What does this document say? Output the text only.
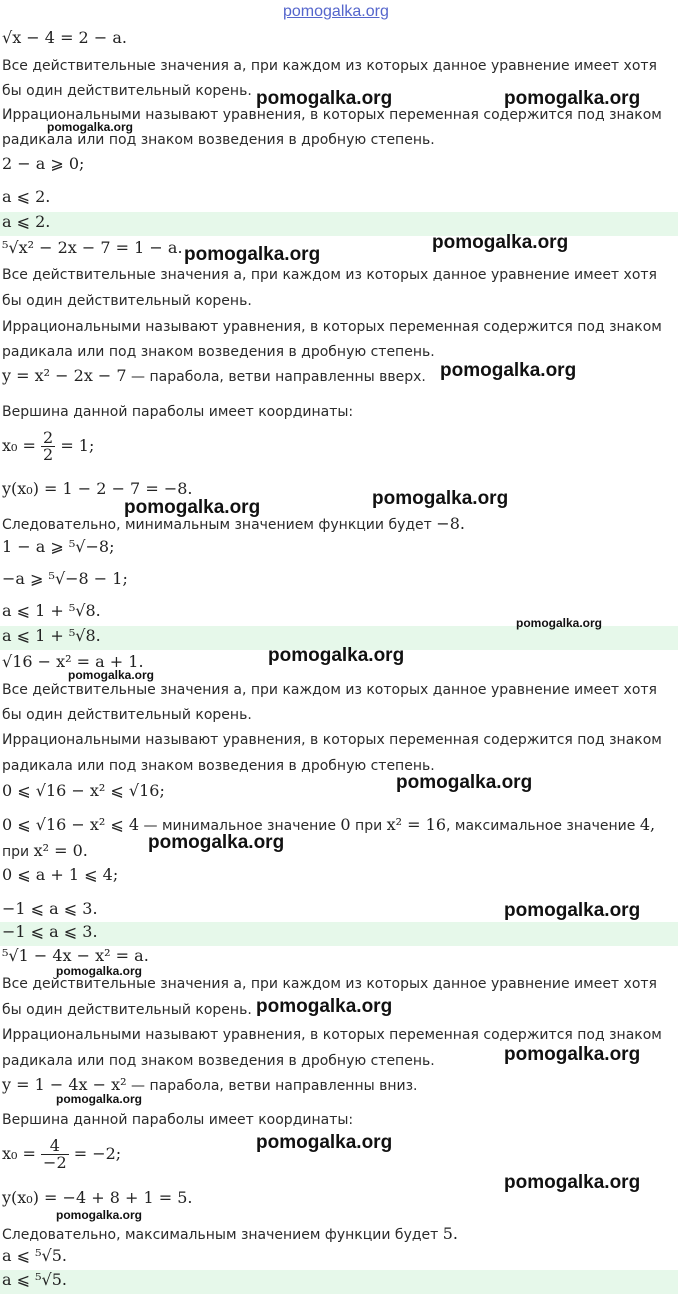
√x − 4 = 2 − a.
Все действительные значения a, при каждом из которых данное уравнение имеет хотя
бы один действительный корень.
Иррациональными называют уравнения, в которых переменная содержится под знаком
радикала или под знаком возведения в дробную степень.
2 − a ⩾ 0;
a ⩽ 2.
a ⩽ 2.
⁵√x² − 2x − 7 = 1 − a.
Все действительные значения a, при каждом из которых данное уравнение имеет хотя
бы один действительный корень.
Иррациональными называют уравнения, в которых переменная содержится под знаком
радикала или под знаком возведения в дробную степень.
y = x² − 2x − 7 — парабола, ветви направленны вверх.
Вершина данной параболы имеет координаты:
$x_0 = \frac{2}{2} = 1$;
y(x₀) = 1 − 2 − 7 = −8.
Следовательно, минимальным значением функции будет −8.
1 − a ⩾ ⁵√−8;
−a ⩾ ⁵√−8 − 1;
a ⩽ 1 + ⁵√8.
a ⩽ 1 + ⁵√8.
√16 − x² = a + 1.
Все действительные значения a, при каждом из которых данное уравнение имеет хотя
бы один действительный корень.
Иррациональными называют уравнения, в которых переменная содержится под знаком
радикала или под знаком возведения в дробную степень.
0 ⩽ √16 − x² ⩽ √16;
0 ⩽ √16 − x² ⩽ 4 — минимальное значение 0 при x² = 16, максимальное значение 4,
при x² = 0.
0 ⩽ a + 1 ⩽ 4;
−1 ⩽ a ⩽ 3.
−1 ⩽ a ⩽ 3.
⁵√1 − 4x − x² = a.
Все действительные значения a, при каждом из которых данное уравнение имеет хотя
бы один действительный корень.
Иррациональными называют уравнения, в которых переменная содержится под знаком
радикала или под знаком возведения в дробную степень.
y = 1 − 4x − x² — парабола, ветви направленны вниз.
Вершина данной параболы имеет координаты:
$x_0 = \frac{4}{-2} = -2$;
y(x₀) = −4 + 8 + 1 = 5.
Следовательно, максимальным значением функции будет 5.
a ⩽ ⁵√5.
a ⩽ ⁵√5.
pomogalka.org
pomogalka.org	pomogalka.org
pomogalka.org
pomogalka.org
pomogalka.org
pomogalka.org
pomogalka.org
pomogalka.org
pomogalka.org
pomogalka.org
pomogalka.org
pomogalka.org
pomogalka.org
pomogalka.org
pomogalka.org
pomogalka.org
pomogalka.org
pomogalka.org
pomogalka.org
pomogalka.org
pomogalka.org
